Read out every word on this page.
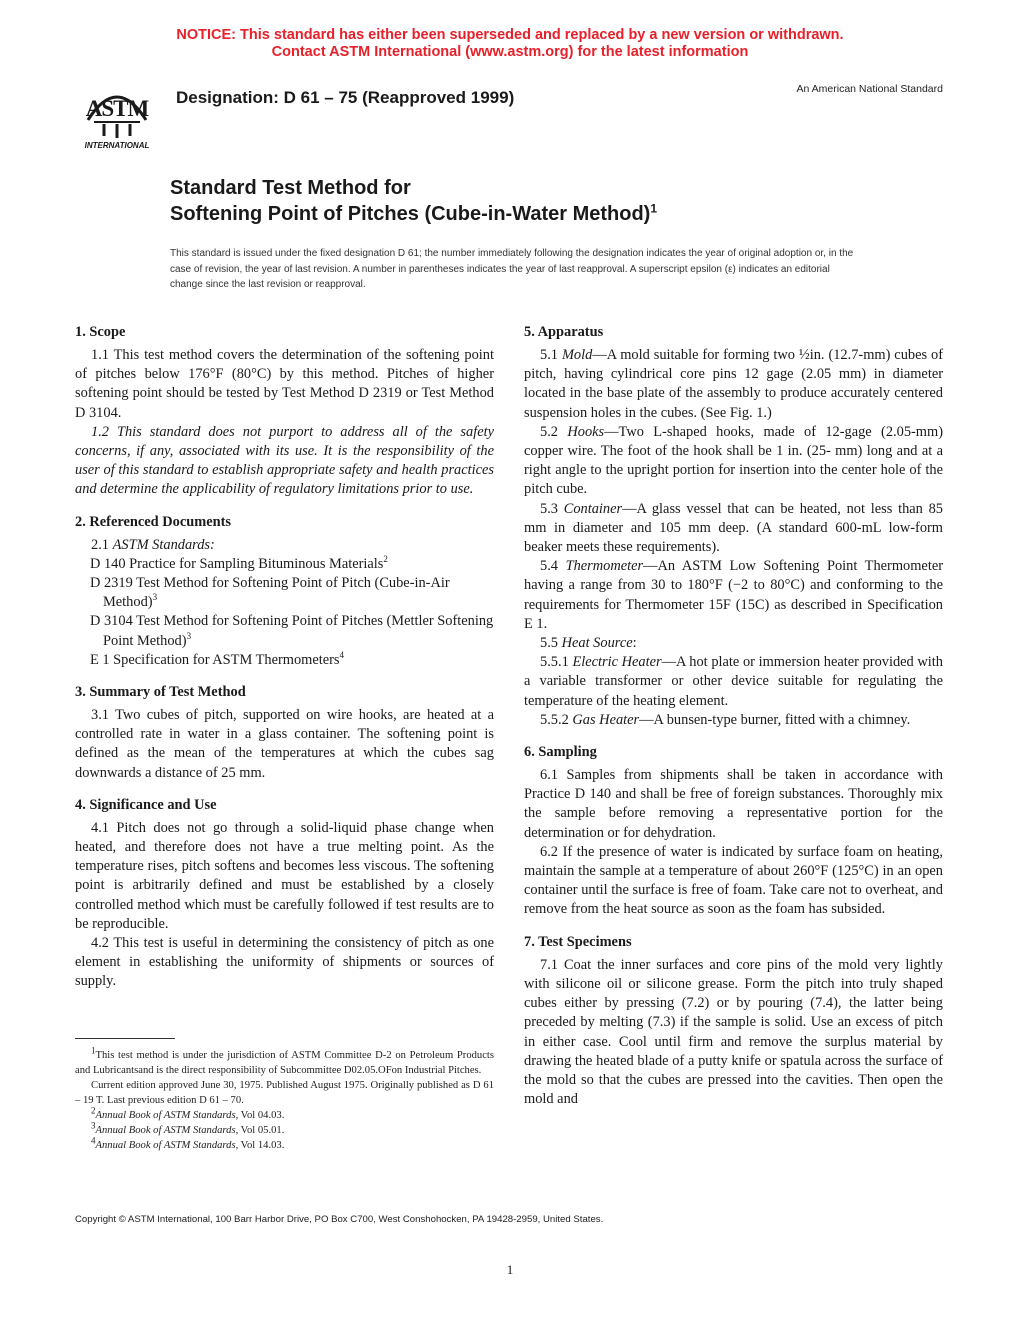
NOTICE: This standard has either been superseded and replaced by a new version or withdrawn.
Contact ASTM International (www.astm.org) for the latest information
ASTM
INTERNATIONAL
Designation: D 61 – 75 (Reapproved 1999)	An American National Standard
Standard Test Method for
Softening Point of Pitches (Cube-in-Water Method)$^1$
This standard is issued under the fixed designation D 61; the number immediately following the designation indicates the year of original adoption or, in the case of revision, the year of last revision. A number in parentheses indicates the year of last reapproval. A superscript epsilon (ε) indicates an editorial change since the last revision or reapproval.
1. Scope

1.1 This test method covers the determination of the softening point of pitches below 176°F (80°C) by this method. Pitches of higher softening point should be tested by Test Method D 2319 or Test Method D 3104.

1.2 This standard does not purport to address all of the safety concerns, if any, associated with its use. It is the responsibility of the user of this standard to establish appropriate safety and health practices and determine the applicability of regulatory limitations prior to use.

2. Referenced Documents

2.1 ASTM Standards:

D 140 Practice for Sampling Bituminous Materials$^2$

D 2319 Test Method for Softening Point of Pitch (Cube-in-Air Method)$^3$

D 3104 Test Method for Softening Point of Pitches (Mettler Softening Point Method)$^3$

E 1 Specification for ASTM Thermometers$^4$

3. Summary of Test Method

3.1 Two cubes of pitch, supported on wire hooks, are heated at a controlled rate in water in a glass container. The softening point is defined as the mean of the temperatures at which the cubes sag downwards a distance of 25 mm.

4. Significance and Use

4.1 Pitch does not go through a solid-liquid phase change when heated, and therefore does not have a true melting point. As the temperature rises, pitch softens and becomes less viscous. The softening point is arbitrarily defined and must be established by a closely controlled method which must be carefully followed if test results are to be reproducible.

4.2 This test is useful in determining the consistency of pitch as one element in establishing the uniformity of shipments or sources of supply.

$^1$This test method is under the jurisdiction of ASTM Committee D-2 on Petroleum Products and Lubricantsand is the direct responsibility of Subcommittee D02.05.OFon Industrial Pitches.

Current edition approved June 30, 1975. Published August 1975. Originally published as D 61 – 19 T. Last previous edition D 61 – 70.

$^2$Annual Book of ASTM Standards, Vol 04.03.

$^3$Annual Book of ASTM Standards, Vol 05.01.

$^4$Annual Book of ASTM Standards, Vol 14.03.

5. Apparatus

5.1 Mold—A mold suitable for forming two ½in. (12.7-mm) cubes of pitch, having cylindrical core pins 12 gage (2.05 mm) in diameter located in the base plate of the assembly to produce accurately centered suspension holes in the cubes. (See Fig. 1.)

5.2 Hooks—Two L-shaped hooks, made of 12-gage (2.05-mm) copper wire. The foot of the hook shall be 1 in. (25- mm) long and at a right angle to the upright portion for insertion into the center hole of the pitch cube.

5.3 Container—A glass vessel that can be heated, not less than 85 mm in diameter and 105 mm deep. (A standard 600-mL low-form beaker meets these requirements).

5.4 Thermometer—An ASTM Low Softening Point Thermometer having a range from 30 to 180°F (−2 to 80°C) and conforming to the requirements for Thermometer 15F (15C) as described in Specification E 1.

5.5 Heat Source:

5.5.1 Electric Heater—A hot plate or immersion heater provided with a variable transformer or other device suitable for regulating the temperature of the heating element.

5.5.2 Gas Heater—A bunsen-type burner, fitted with a chimney.

6. Sampling

6.1 Samples from shipments shall be taken in accordance with Practice D 140 and shall be free of foreign substances. Thoroughly mix the sample before removing a representative portion for the determination or for dehydration.

6.2 If the presence of water is indicated by surface foam on heating, maintain the sample at a temperature of about 260°F (125°C) in an open container until the surface is free of foam. Take care not to overheat, and remove from the heat source as soon as the foam has subsided.

7. Test Specimens

7.1 Coat the inner surfaces and core pins of the mold very lightly with silicone oil or silicone grease. Form the pitch into truly shaped cubes either by pressing (7.2) or by pouring (7.4), the latter being preceded by melting (7.3) if the sample is solid. Use an excess of pitch in either case. Cool until firm and remove the surplus material by drawing the heated blade of a putty knife or spatula across the surface of the mold so that the cubes are pressed into the cavities. Then open the mold and

Copyright © ASTM International, 100 Barr Harbor Drive, PO Box C700, West Conshohocken, PA 19428-2959, United States.
1
